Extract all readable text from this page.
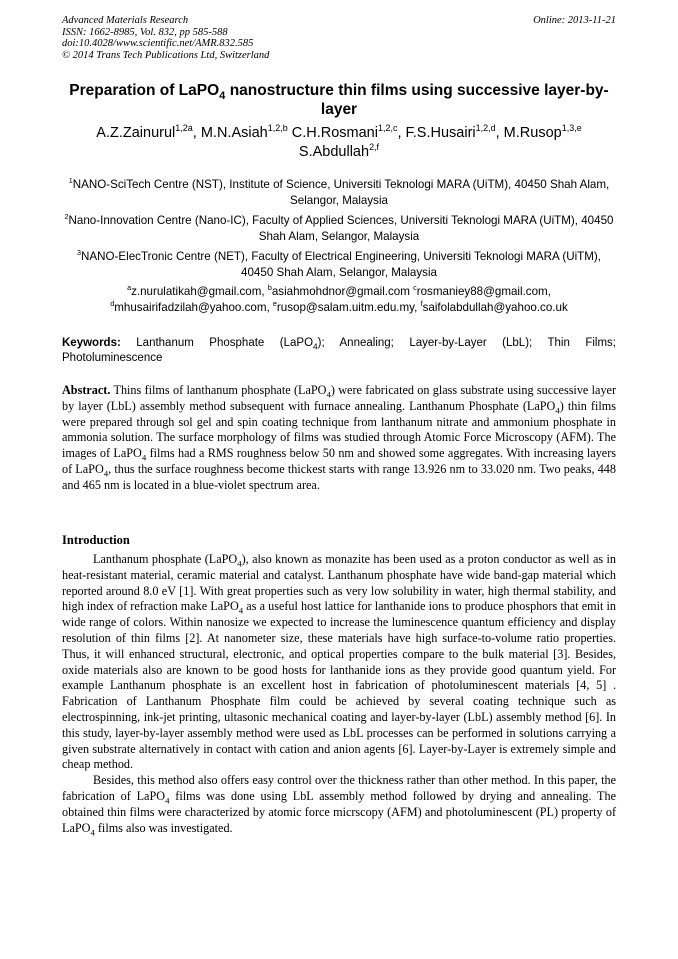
Advanced Materials Research
ISSN: 1662-8985, Vol. 832, pp 585-588
doi:10.4028/www.scientific.net/AMR.832.585
© 2014 Trans Tech Publications Ltd, Switzerland
Online: 2013-11-21
Preparation of LaPO$_4$ nanostructure thin films using successive layer-by-layer
A.Z.Zainurul$^{1,2a}$, M.N.Asiah$^{1,2,b}$ C.H.Rosmani$^{1,2,c}$, F.S.Husairi$^{1,2,d}$, M.Rusop$^{1,3,e}$
S.Abdullah$^{2,f}$
$^1$NANO-SciTech Centre (NST), Institute of Science, Universiti Teknologi MARA (UiTM), 40450 Shah Alam, Selangor, Malaysia
$^2$Nano-Innovation Centre (Nano-IC), Faculty of Applied Sciences, Universiti Teknologi MARA (UiTM), 40450 Shah Alam, Selangor, Malaysia
$^3$NANO-ElecTronic Centre (NET), Faculty of Electrical Engineering, Universiti Teknologi MARA (UiTM), 40450 Shah Alam, Selangor, Malaysia
$^a$z.nurulatikah@gmail.com, $^b$asiahmohdnor@gmail.com $^c$rosmaniey88@gmail.com,
$^d$mhusairifadzilah@yahoo.com, $^e$rusop@salam.uitm.edu.my, $^f$saifolabdullah@yahoo.co.uk
Keywords: Lanthanum Phosphate (LaPO$_4$); Annealing; Layer-by-Layer (LbL); Thin Films; Photoluminescence
Abstract. Thins films of lanthanum phosphate (LaPO$_4$) were fabricated on glass substrate using successive layer by layer (LbL) assembly method subsequent with furnace annealing. Lanthanum Phosphate (LaPO$_4$) thin films were prepared through sol gel and spin coating technique from lanthanum nitrate and ammonium phosphate in ammonia solution. The surface morphology of films was studied through Atomic Force Microscopy (AFM). The images of LaPO$_4$ films had a RMS roughness below 50 nm and showed some aggregates. With increasing layers of LaPO$_4$, thus the surface roughness become thickest starts with range 13.926 nm to 33.020 nm. Two peaks, 448 and 465 nm is located in a blue-violet spectrum area.
Introduction

Lanthanum phosphate (LaPO$_4$), also known as monazite has been used as a proton conductor as well as in heat-resistant material, ceramic material and catalyst. Lanthanum phosphate have wide band-gap material which reported around 8.0 eV [1]. With great properties such as very low solubility in water, high thermal stability, and high index of refraction make LaPO$_4$ as a useful host lattice for lanthanide ions to produce phosphors that emit in wide range of colors. Within nanosize we expected to increase the luminescence quantum efficiency and display resolution of thin films [2]. At nanometer size, these materials have high surface-to-volume ratio properties. Thus, it will enhanced structural, electronic, and optical properties compare to the bulk material [3]. Besides, oxide materials also are known to be good hosts for lanthanide ions as they provide good quantum yield. For example Lanthanum phosphate is an excellent host in fabrication of photoluminescent materials [4, 5] . Fabrication of Lanthanum Phosphate film could be achieved by several coating technique such as electrospinning, ink-jet printing, ultasonic mechanical coating and layer-by-layer (LbL) assembly method [6]. In this study, layer-by-layer assembly method were used as LbL processes can be performed in solutions carrying a given substrate alternatively in contact with cation and anion agents [6]. Layer-by-Layer is extremely simple and cheap method.

Besides, this method also offers easy control over the thickness rather than other method. In this paper, the fabrication of LaPO$_4$ films was done using LbL assembly method followed by drying and annealing. The obtained thin films were characterized by atomic force micrscopy (AFM) and photoluminescent (PL) property of LaPO$_4$ films also was investigated.
